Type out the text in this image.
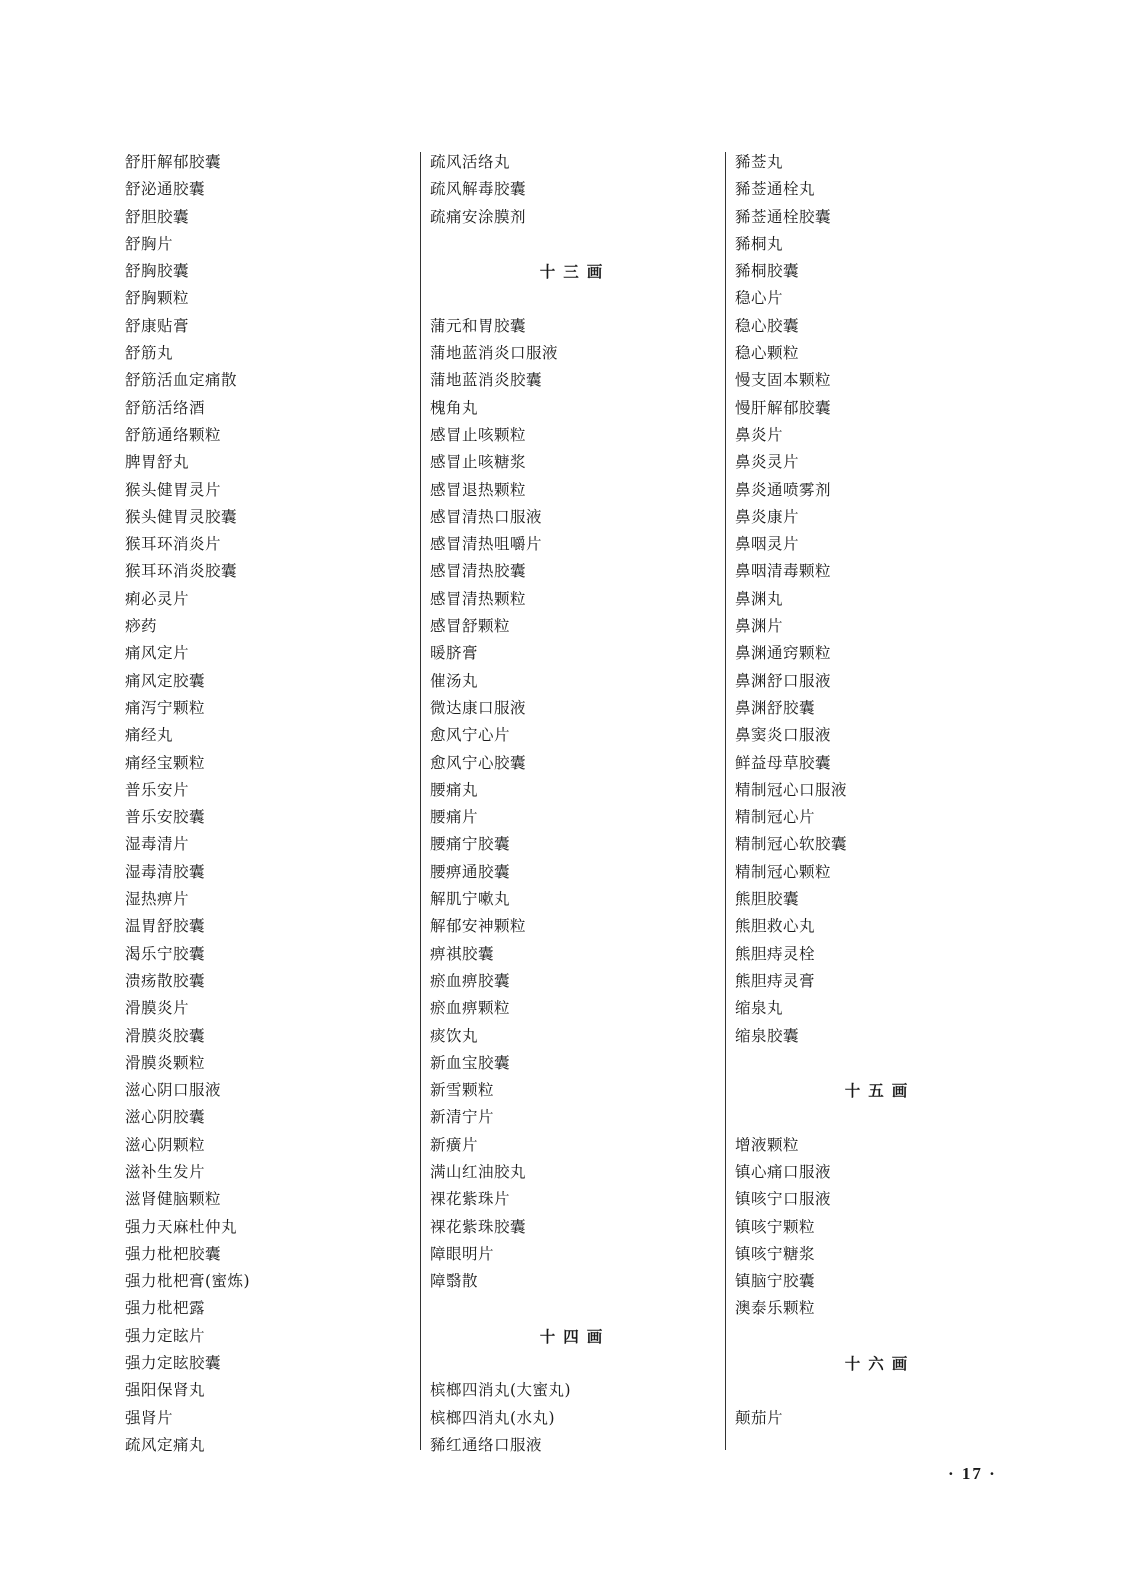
舒肝解郁胶囊
舒泌通胶囊
舒胆胶囊
舒胸片
舒胸胶囊
舒胸颗粒
舒康贴膏
舒筋丸
舒筋活血定痛散
舒筋活络酒
舒筋通络颗粒
脾胃舒丸
猴头健胃灵片
猴头健胃灵胶囊
猴耳环消炎片
猴耳环消炎胶囊
痢必灵片
痧药
痛风定片
痛风定胶囊
痛泻宁颗粒
痛经丸
痛经宝颗粒
普乐安片
普乐安胶囊
湿毒清片
湿毒清胶囊
湿热痹片
温胃舒胶囊
渴乐宁胶囊
溃疡散胶囊
滑膜炎片
滑膜炎胶囊
滑膜炎颗粒
滋心阴口服液
滋心阴胶囊
滋心阴颗粒
滋补生发片
滋肾健脑颗粒
强力天麻杜仲丸
强力枇杷胶囊
强力枇杷膏(蜜炼)
强力枇杷露
强力定眩片
强力定眩胶囊
强阳保肾丸
强肾片
疏风定痛丸
疏风活络丸
疏风解毒胶囊
疏痛安涂膜剂
十三画
蒲元和胃胶囊
蒲地蓝消炎口服液
蒲地蓝消炎胶囊
槐角丸
感冒止咳颗粒
感冒止咳糖浆
感冒退热颗粒
感冒清热口服液
感冒清热咀嚼片
感冒清热胶囊
感冒清热颗粒
感冒舒颗粒
暖脐膏
催汤丸
微达康口服液
愈风宁心片
愈风宁心胶囊
腰痛丸
腰痛片
腰痛宁胶囊
腰痹通胶囊
解肌宁嗽丸
解郁安神颗粒
痹祺胶囊
瘀血痹胶囊
瘀血痹颗粒
痰饮丸
新血宝胶囊
新雪颗粒
新清宁片
新癀片
满山红油胶丸
裸花紫珠片
裸花紫珠胶囊
障眼明片
障翳散
十四画
槟榔四消丸(大蜜丸)
槟榔四消丸(水丸)
豨红通络口服液
豨莶丸
豨莶通栓丸
豨莶通栓胶囊
豨桐丸
豨桐胶囊
稳心片
稳心胶囊
稳心颗粒
慢支固本颗粒
慢肝解郁胶囊
鼻炎片
鼻炎灵片
鼻炎通喷雾剂
鼻炎康片
鼻咽灵片
鼻咽清毒颗粒
鼻渊丸
鼻渊片
鼻渊通窍颗粒
鼻渊舒口服液
鼻渊舒胶囊
鼻窦炎口服液
鲜益母草胶囊
精制冠心口服液
精制冠心片
精制冠心软胶囊
精制冠心颗粒
熊胆胶囊
熊胆救心丸
熊胆痔灵栓
熊胆痔灵膏
缩泉丸
缩泉胶囊
十五画
增液颗粒
镇心痛口服液
镇咳宁口服液
镇咳宁颗粒
镇咳宁糖浆
镇脑宁胶囊
澳泰乐颗粒
十六画
颠茄片
· 17 ·
